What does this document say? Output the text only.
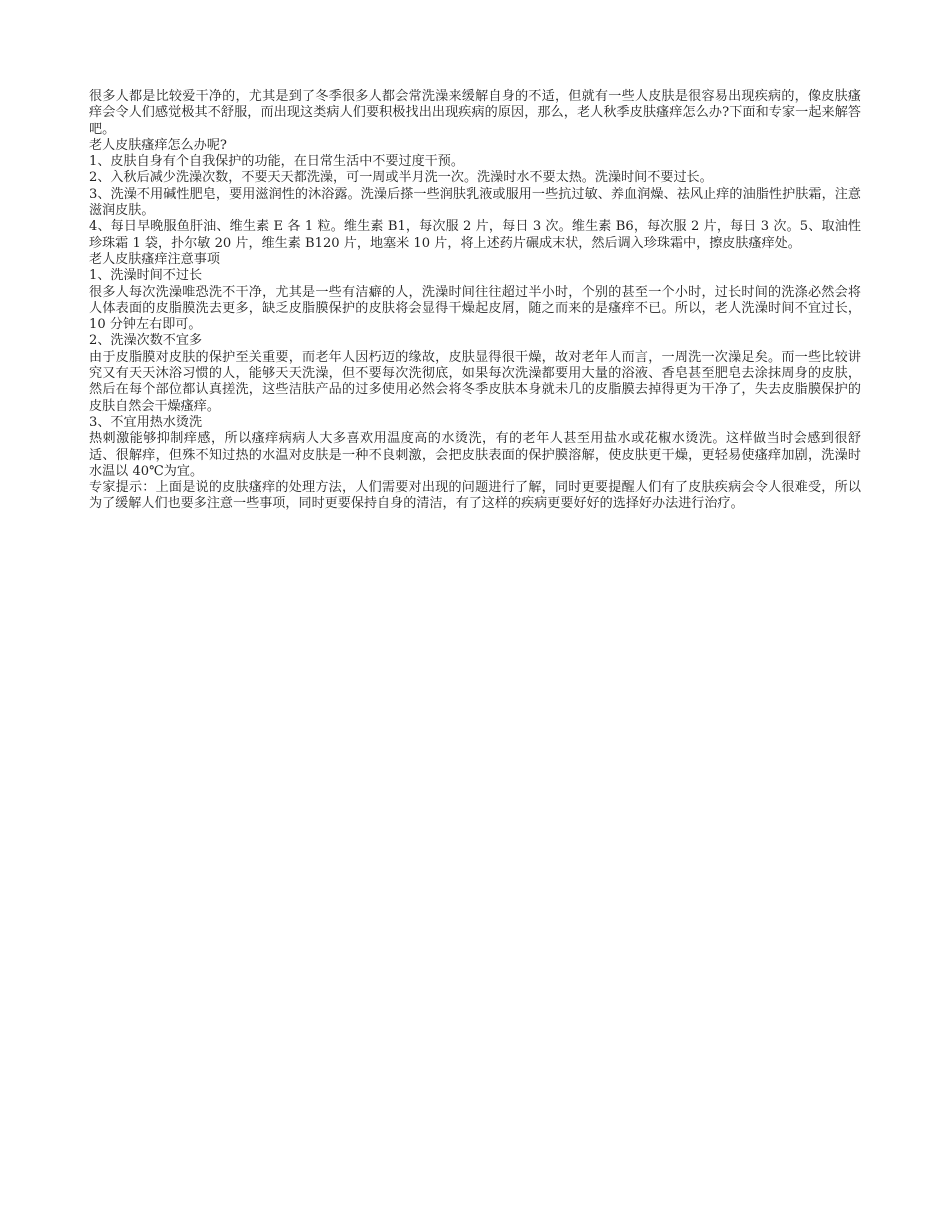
很多人都是比较爱干净的，尤其是到了冬季很多人都会常洗澡来缓解自身的不适，但就有一些人皮肤是很容易出现疾病的，像皮肤瘙痒会令人们感觉极其不舒服，而出现这类病人们要积极找出出现疾病的原因，那么，老人秋季皮肤瘙痒怎么办?下面和专家一起来解答吧。

老人皮肤瘙痒怎么办呢?

1、皮肤自身有个自我保护的功能，在日常生活中不要过度干预。

2、入秋后减少洗澡次数，不要天天都洗澡，可一周或半月洗一次。洗澡时水不要太热。洗澡时间不要过长。

3、洗澡不用碱性肥皂，要用滋润性的沐浴露。洗澡后搽一些润肤乳液或服用一些抗过敏、养血润燥、祛风止痒的油脂性护肤霜，注意滋润皮肤。

4、每日早晚服鱼肝油、维生素 E 各 1 粒。维生素 B1，每次服 2 片，每日 3 次。维生素 B6，每次服 2 片，每日 3 次。5、取油性珍珠霜 1 袋，扑尔敏 20 片，维生素 B120 片，地塞米 10 片，将上述药片碾成末状，然后调入珍珠霜中，擦皮肤瘙痒处。

老人皮肤瘙痒注意事项

1、洗澡时间不过长

很多人每次洗澡唯恐洗不干净，尤其是一些有洁癖的人，洗澡时间往往超过半小时，个别的甚至一个小时，过长时间的洗涤必然会将人体表面的皮脂膜洗去更多，缺乏皮脂膜保护的皮肤将会显得干燥起皮屑，随之而来的是瘙痒不已。所以，老人洗澡时间不宜过长，10 分钟左右即可。

2、洗澡次数不宜多

由于皮脂膜对皮肤的保护至关重要，而老年人因朽迈的缘故，皮肤显得很干燥，故对老年人而言，一周洗一次澡足矣。而一些比较讲究又有天天沐浴习惯的人，能够天天洗澡，但不要每次洗彻底，如果每次洗澡都要用大量的浴液、香皂甚至肥皂去涂抹周身的皮肤，然后在每个部位都认真搓洗，这些洁肤产品的过多使用必然会将冬季皮肤本身就未几的皮脂膜去掉得更为干净了，失去皮脂膜保护的皮肤自然会干燥瘙痒。

3、不宜用热水烫洗

热刺激能够抑制痒感，所以瘙痒病病人大多喜欢用温度高的水烫洗，有的老年人甚至用盐水或花椒水烫洗。这样做当时会感到很舒适、很解痒，但殊不知过热的水温对皮肤是一种不良刺激，会把皮肤表面的保护膜溶解，使皮肤更干燥，更轻易使瘙痒加剧，洗澡时水温以 40℃为宜。

专家提示：上面是说的皮肤瘙痒的处理方法，人们需要对出现的问题进行了解，同时更要提醒人们有了皮肤疾病会令人很难受，所以为了缓解人们也要多注意一些事项，同时更要保持自身的清洁，有了这样的疾病更要好好的选择好办法进行治疗。
